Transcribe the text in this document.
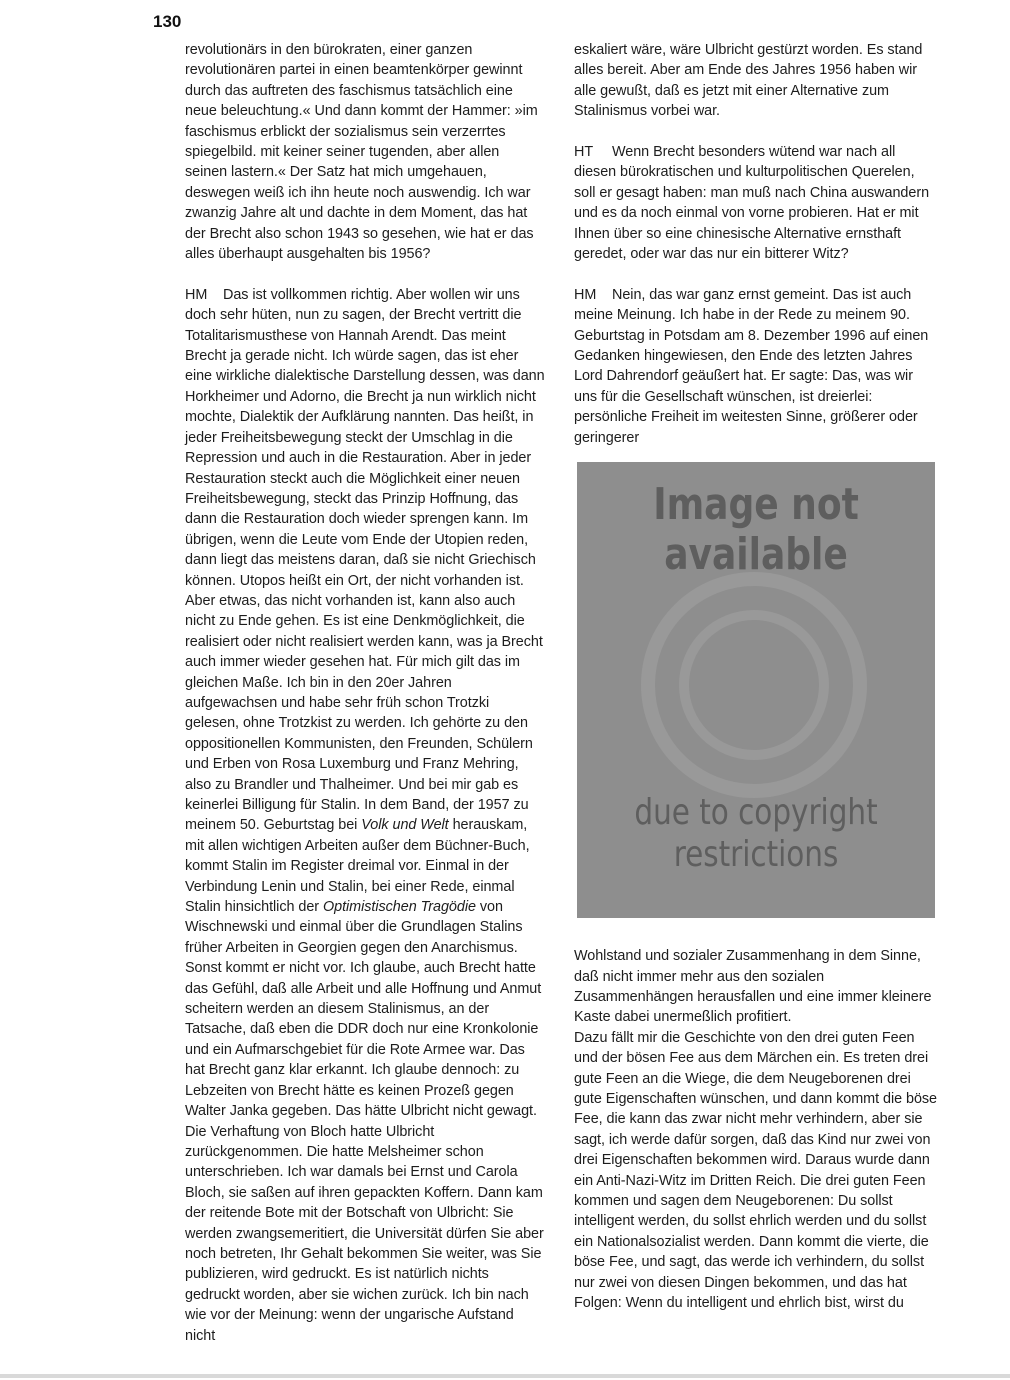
130

revolutionärs in den bürokraten, einer ganzen revolutionären partei in einen beamtenkörper gewinnt durch das auftreten des faschismus tatsächlich eine neue beleuchtung.« Und dann kommt der Hammer: »im faschismus erblickt der sozialismus sein verzerrtes spiegelbild. mit keiner seiner tugenden, aber allen seinen lastern.« Der Satz hat mich umgehauen, deswegen weiß ich ihn heute noch auswendig. Ich war zwanzig Jahre alt und dachte in dem Moment, das hat der Brecht also schon 1943 so gesehen, wie hat er das alles überhaupt ausgehalten bis 1956?

HM Das ist vollkommen richtig. Aber wollen wir uns doch sehr hüten, nun zu sagen, der Brecht vertritt die Totalitarismusthese von Hannah Arendt. Das meint Brecht ja gerade nicht. Ich würde sagen, das ist eher eine wirkliche dialektische Darstellung dessen, was dann Horkheimer und Adorno, die Brecht ja nun wirklich nicht mochte, Dialektik der Aufklärung nannten. Das heißt, in jeder Freiheitsbewegung steckt der Umschlag in die Repression und auch in die Restauration. Aber in jeder Restauration steckt auch die Möglichkeit einer neuen Freiheitsbewegung, steckt das Prinzip Hoffnung, das dann die Restauration doch wieder sprengen kann. Im übrigen, wenn die Leute vom Ende der Utopien reden, dann liegt das meistens daran, daß sie nicht Griechisch können. Utopos heißt ein Ort, der nicht vorhanden ist. Aber etwas, das nicht vorhanden ist, kann also auch nicht zu Ende gehen. Es ist eine Denkmöglichkeit, die realisiert oder nicht realisiert werden kann, was ja Brecht auch immer wieder gesehen hat. Für mich gilt das im gleichen Maße. Ich bin in den 20er Jahren aufgewachsen und habe sehr früh schon Trotzki gelesen, ohne Trotzkist zu werden. Ich gehörte zu den oppositionellen Kommunisten, den Freunden, Schülern und Erben von Rosa Luxemburg und Franz Mehring, also zu Brandler und Thalheimer. Und bei mir gab es keinerlei Billigung für Stalin. In dem Band, der 1957 zu meinem 50. Geburtstag bei Volk und Welt herauskam, mit allen wichtigen Arbeiten außer dem Büchner-Buch, kommt Stalin im Register dreimal vor. Einmal in der Verbindung Lenin und Stalin, bei einer Rede, einmal Stalin hinsichtlich der Optimistischen Tragödie von Wischnewski und einmal über die Grundlagen Stalins früher Arbeiten in Georgien gegen den Anarchismus. Sonst kommt er nicht vor. Ich glaube, auch Brecht hatte das Gefühl, daß alle Arbeit und alle Hoffnung und Anmut scheitern werden an diesem Stalinismus, an der Tatsache, daß eben die DDR doch nur eine Kronkolonie und ein Aufmarschgebiet für die Rote Armee war. Das hat Brecht ganz klar erkannt. Ich glaube dennoch: zu Lebzeiten von Brecht hätte es keinen Prozeß gegen Walter Janka gegeben. Das hätte Ulbricht nicht gewagt. Die Verhaftung von Bloch hatte Ulbricht zurückgenommen. Die hatte Melsheimer schon unterschrieben. Ich war damals bei Ernst und Carola Bloch, sie saßen auf ihren gepackten Koffern. Dann kam der reitende Bote mit der Botschaft von Ulbricht: Sie werden zwangsemeritiert, die Universität dürfen Sie aber noch betreten, Ihr Gehalt bekommen Sie weiter, was Sie publizieren, wird gedruckt. Es ist natürlich nichts gedruckt worden, aber sie wichen zurück. Ich bin nach wie vor der Meinung: wenn der ungarische Aufstand nicht

eskaliert wäre, wäre Ulbricht gestürzt worden. Es stand alles bereit. Aber am Ende des Jahres 1956 haben wir alle gewußt, daß es jetzt mit einer Alternative zum Stalinismus vorbei war.

HT Wenn Brecht besonders wütend war nach all diesen bürokratischen und kulturpolitischen Querelen, soll er gesagt haben: man muß nach China auswandern und es da noch einmal von vorne probieren. Hat er mit Ihnen über so eine chinesische Alternative ernsthaft geredet, oder war das nur ein bitterer Witz?

HM Nein, das war ganz ernst gemeint. Das ist auch meine Meinung. Ich habe in der Rede zu meinem 90. Geburtstag in Potsdam am 8. Dezember 1996 auf einen Gedanken hingewiesen, den Ende des letzten Jahres Lord Dahrendorf geäußert hat. Er sagte: Das, was wir uns für die Gesellschaft wünschen, ist dreierlei: persönliche Freiheit im weitesten Sinne, größerer oder geringerer

Image not available
due to copyright restrictions

Wohlstand und sozialer Zusammenhang in dem Sinne, daß nicht immer mehr aus den sozialen Zusammenhängen herausfallen und eine immer kleinere Kaste dabei unermeßlich profitiert.

Dazu fällt mir die Geschichte von den drei guten Feen und der bösen Fee aus dem Märchen ein. Es treten drei gute Feen an die Wiege, die dem Neugeborenen drei gute Eigenschaften wünschen, und dann kommt die böse Fee, die kann das zwar nicht mehr verhindern, aber sie sagt, ich werde dafür sorgen, daß das Kind nur zwei von drei Eigenschaften bekommen wird. Daraus wurde dann ein Anti-Nazi-Witz im Dritten Reich. Die drei guten Feen kommen und sagen dem Neugeborenen: Du sollst intelligent werden, du sollst ehrlich werden und du sollst ein Nationalsozialist werden. Dann kommt die vierte, die böse Fee, und sagt, das werde ich verhindern, du sollst nur zwei von diesen Dingen bekommen, und das hat Folgen: Wenn du intelligent und ehrlich bist, wirst du
